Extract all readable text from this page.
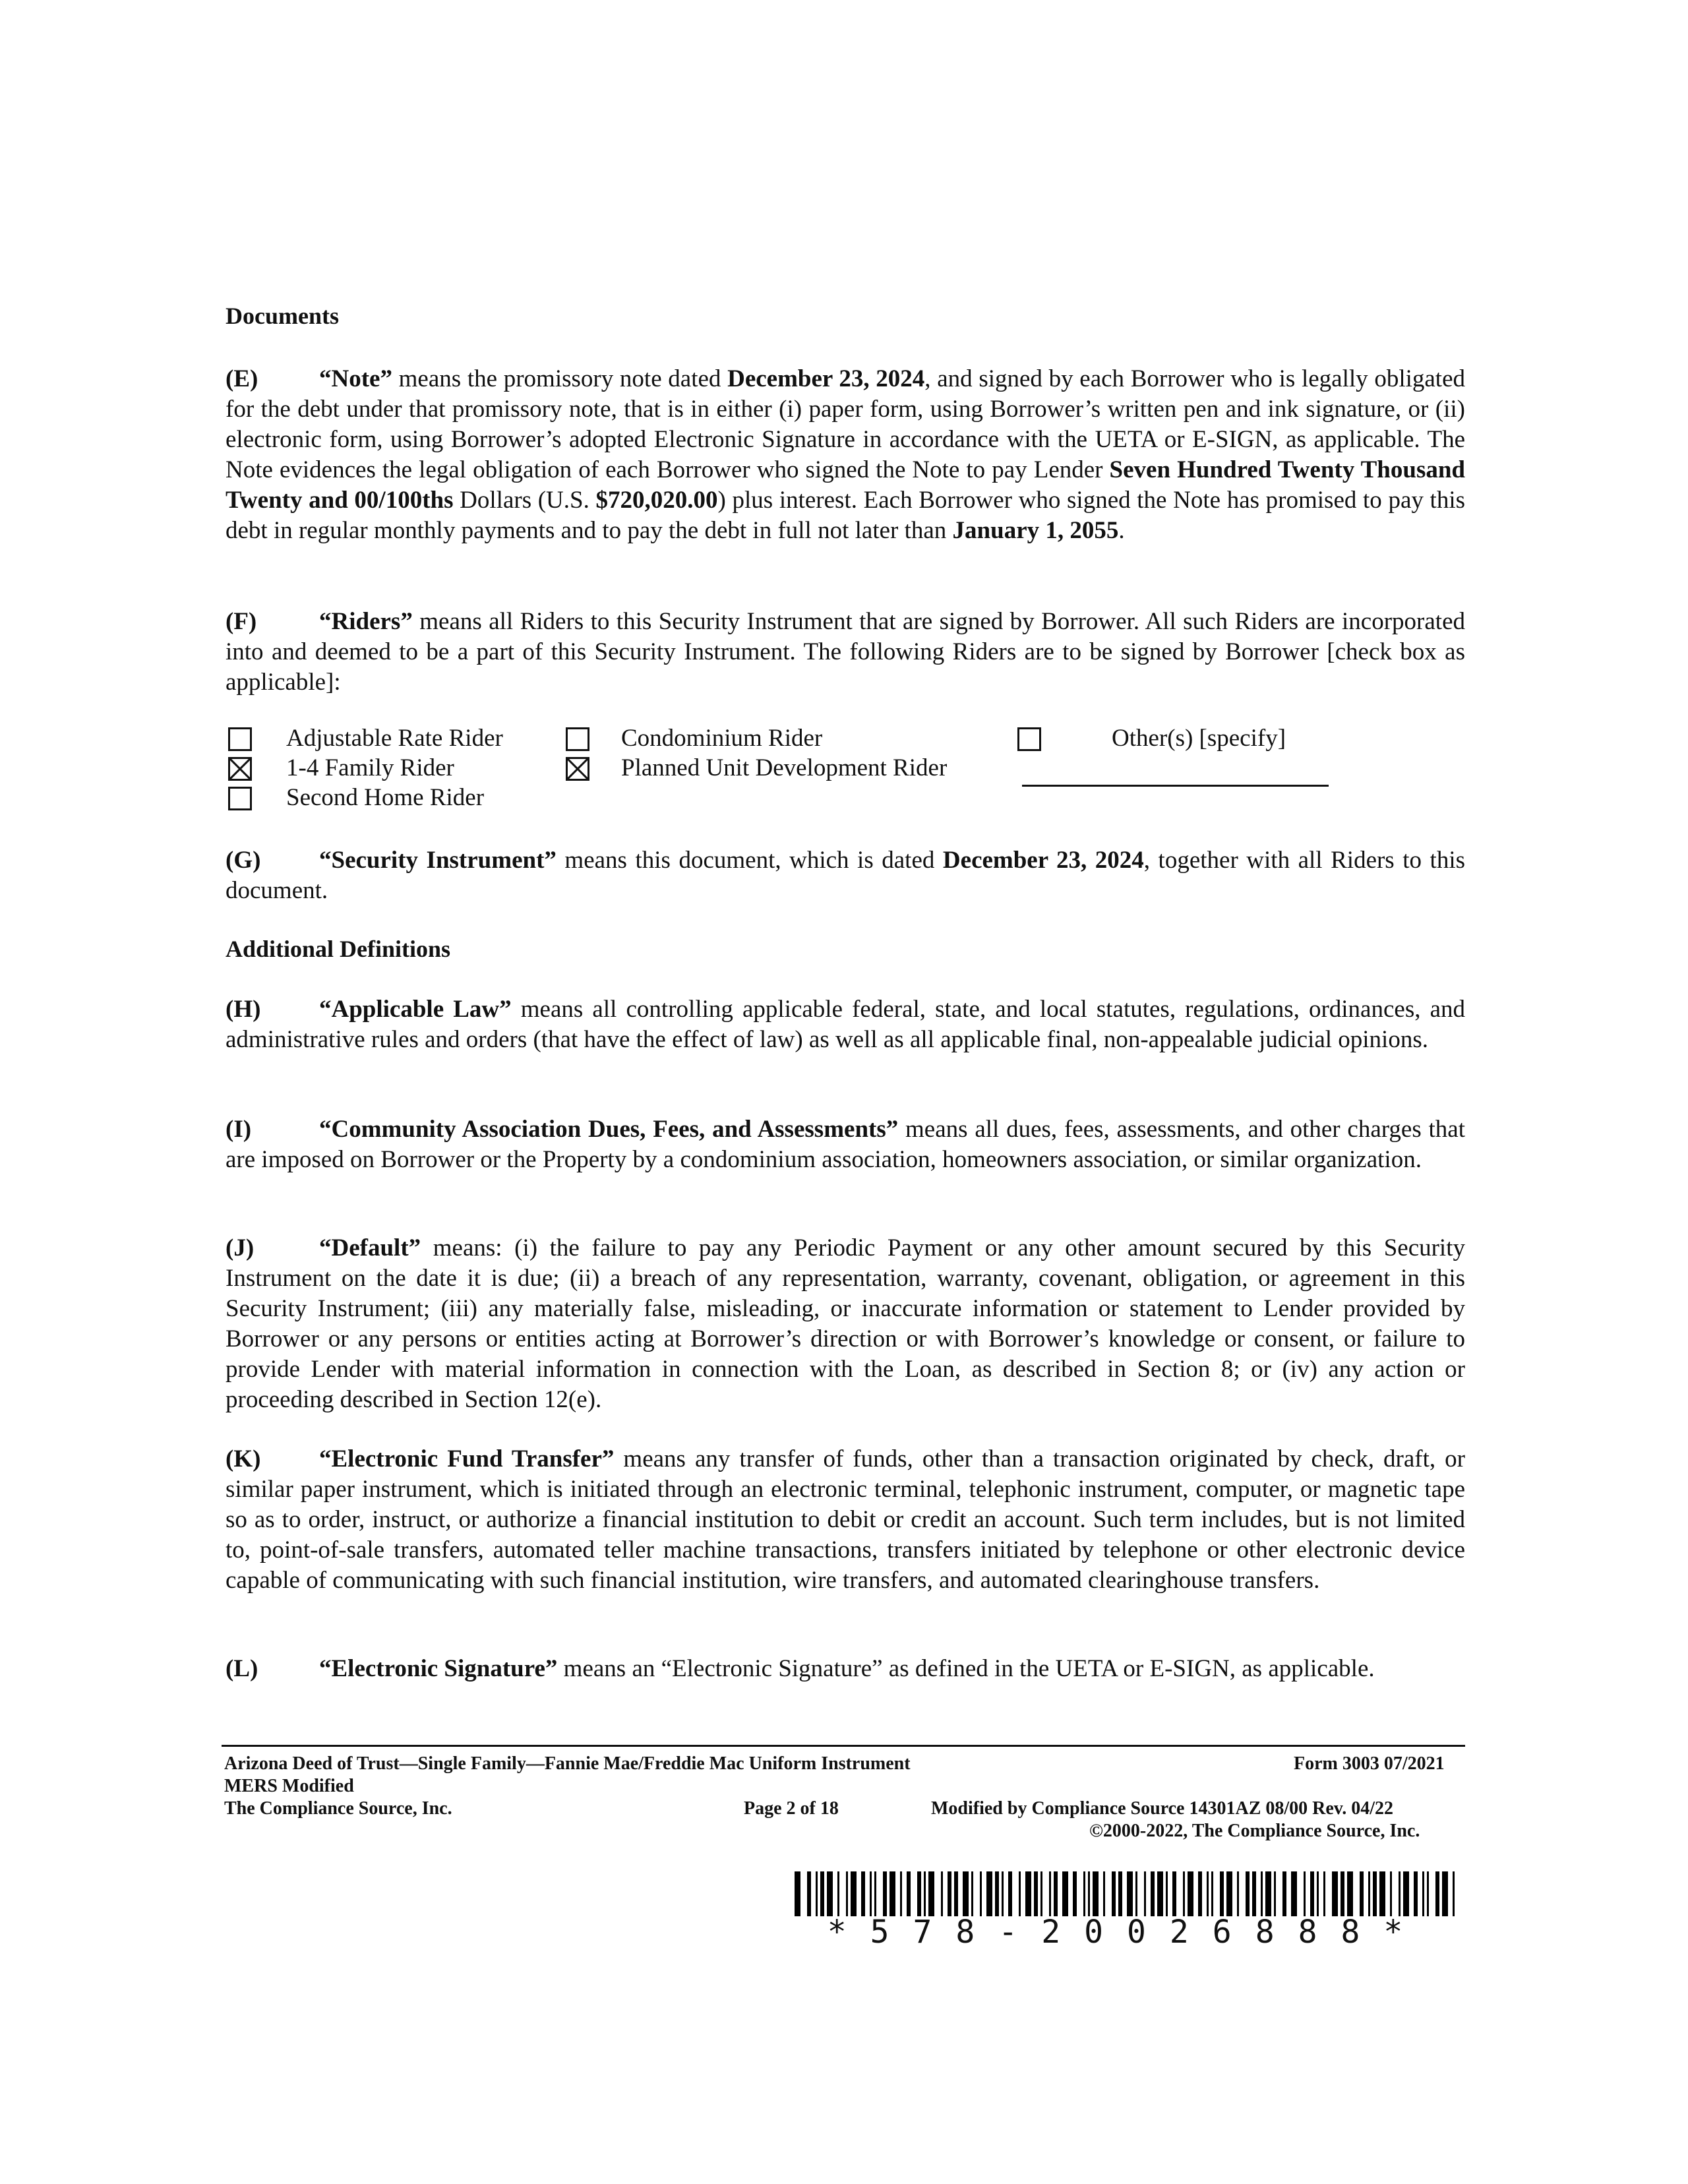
Documents
(E)	“Note” means the promissory note dated December 23, 2024, and signed by each Borrower who is legally obligated for the debt under that promissory note, that is in either (i) paper form, using Borrower’s written pen and ink signature, or (ii) electronic form, using Borrower’s adopted Electronic Signature in accordance with the UETA or E-SIGN, as applicable. The Note evidences the legal obligation of each Borrower who signed the Note to pay Lender Seven Hundred Twenty Thousand Twenty and 00/100ths Dollars (U.S. $720,020.00) plus interest. Each Borrower who signed the Note has promised to pay this debt in regular monthly payments and to pay the debt in full not later than January 1, 2055.
(F)	“Riders” means all Riders to this Security Instrument that are signed by Borrower. All such Riders are incorporated into and deemed to be a part of this Security Instrument. The following Riders are to be signed by Borrower [check box as applicable]:
Adjustable Rate Rider
1-4 Family Rider
Second Home Rider
Condominium Rider
Planned Unit Development Rider
Other(s) [specify]
(G) “Security Instrument” means this document, which is dated December 23, 2024, together with all Riders to this document.
Additional Definitions
(H) “Applicable Law” means all controlling applicable federal, state, and local statutes, regulations, ordinances, and administrative rules and orders (that have the effect of law) as well as all applicable final, non-appealable judicial opinions.
(I)	“Community Association Dues, Fees, and Assessments” means all dues, fees, assessments, and other charges that are imposed on Borrower or the Property by a condominium association, homeowners association, or similar organization.
(J)	“Default” means: (i) the failure to pay any Periodic Payment or any other amount secured by this Security Instrument on the date it is due; (ii) a breach of any representation, warranty, covenant, obligation, or agreement in this Security Instrument; (iii) any materially false, misleading, or inaccurate information or statement to Lender provided by Borrower or any persons or entities acting at Borrower’s direction or with Borrower’s knowledge or consent, or failure to provide Lender with material information in connection with the Loan, as described in Section 8; or (iv) any action or proceeding described in Section 12(e).
(K) “Electronic Fund Transfer” means any transfer of funds, other than a transaction originated by check, draft, or similar paper instrument, which is initiated through an electronic terminal, telephonic instrument, computer, or magnetic tape so as to order, instruct, or authorize a financial institution to debit or credit an account. Such term includes, but is not limited to, point-of-sale transfers, automated teller machine transactions, transfers initiated by telephone or other electronic device capable of communicating with such financial institution, wire transfers, and automated clearinghouse transfers.
(L)	“Electronic Signature” means an “Electronic Signature” as defined in the UETA or E-SIGN, as applicable.
Arizona Deed of Trust—Single Family—Fannie Mae/Freddie Mac Uniform Instrument	Form 3003 07/2021
MERS Modified
The Compliance Source, Inc.	Page 2 of 18	Modified by Compliance Source 14301AZ 08/00 Rev. 04/22
©2000-2022, The Compliance Source, Inc.
*578-20026888*
